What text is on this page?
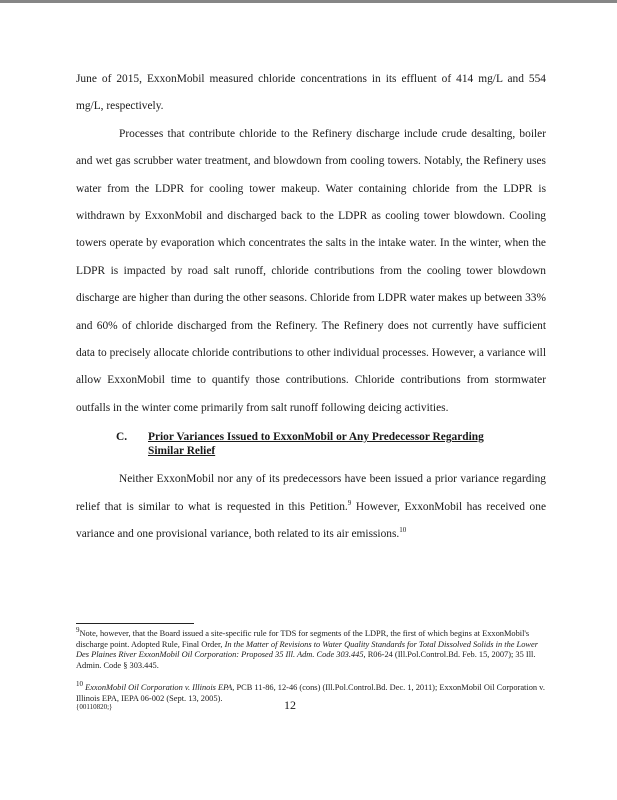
June of 2015, ExxonMobil measured chloride concentrations in its effluent of 414 mg/L and 554 mg/L, respectively.

Processes that contribute chloride to the Refinery discharge include crude desalting, boiler and wet gas scrubber water treatment, and blowdown from cooling towers. Notably, the Refinery uses water from the LDPR for cooling tower makeup. Water containing chloride from the LDPR is withdrawn by ExxonMobil and discharged back to the LDPR as cooling tower blowdown. Cooling towers operate by evaporation which concentrates the salts in the intake water. In the winter, when the LDPR is impacted by road salt runoff, chloride contributions from the cooling tower blowdown discharge are higher than during the other seasons. Chloride from LDPR water makes up between 33% and 60% of chloride discharged from the Refinery. The Refinery does not currently have sufficient data to precisely allocate chloride contributions to other individual processes. However, a variance will allow ExxonMobil time to quantify those contributions. Chloride contributions from stormwater outfalls in the winter come primarily from salt runoff following deicing activities.

C.	Prior Variances Issued to ExxonMobil or Any Predecessor Regarding Similar Relief

Neither ExxonMobil nor any of its predecessors have been issued a prior variance regarding relief that is similar to what is requested in this Petition.$^9$ However, ExxonMobil has received one variance and one provisional variance, both related to its air emissions.$^{10}$

$^9$Note, however, that the Board issued a site-specific rule for TDS for segments of the LDPR, the first of which begins at ExxonMobil's discharge point. Adopted Rule, Final Order, In the Matter of Revisions to Water Quality Standards for Total Dissolved Solids in the Lower Des Plaines River ExxonMobil Oil Corporation: Proposed 35 Ill. Adm. Code 303.445, R06-24 (Ill.Pol.Control.Bd. Feb. 15, 2007); 35 Ill. Admin. Code § 303.445.

$^{10}$ ExxonMobil Oil Corporation v. Illinois EPA, PCB 11-86, 12-46 (cons) (Ill.Pol.Control.Bd. Dec. 1, 2011); ExxonMobil Oil Corporation v. Illinois EPA, IEPA 06-002 (Sept. 13, 2005).

{00110820;}	12
